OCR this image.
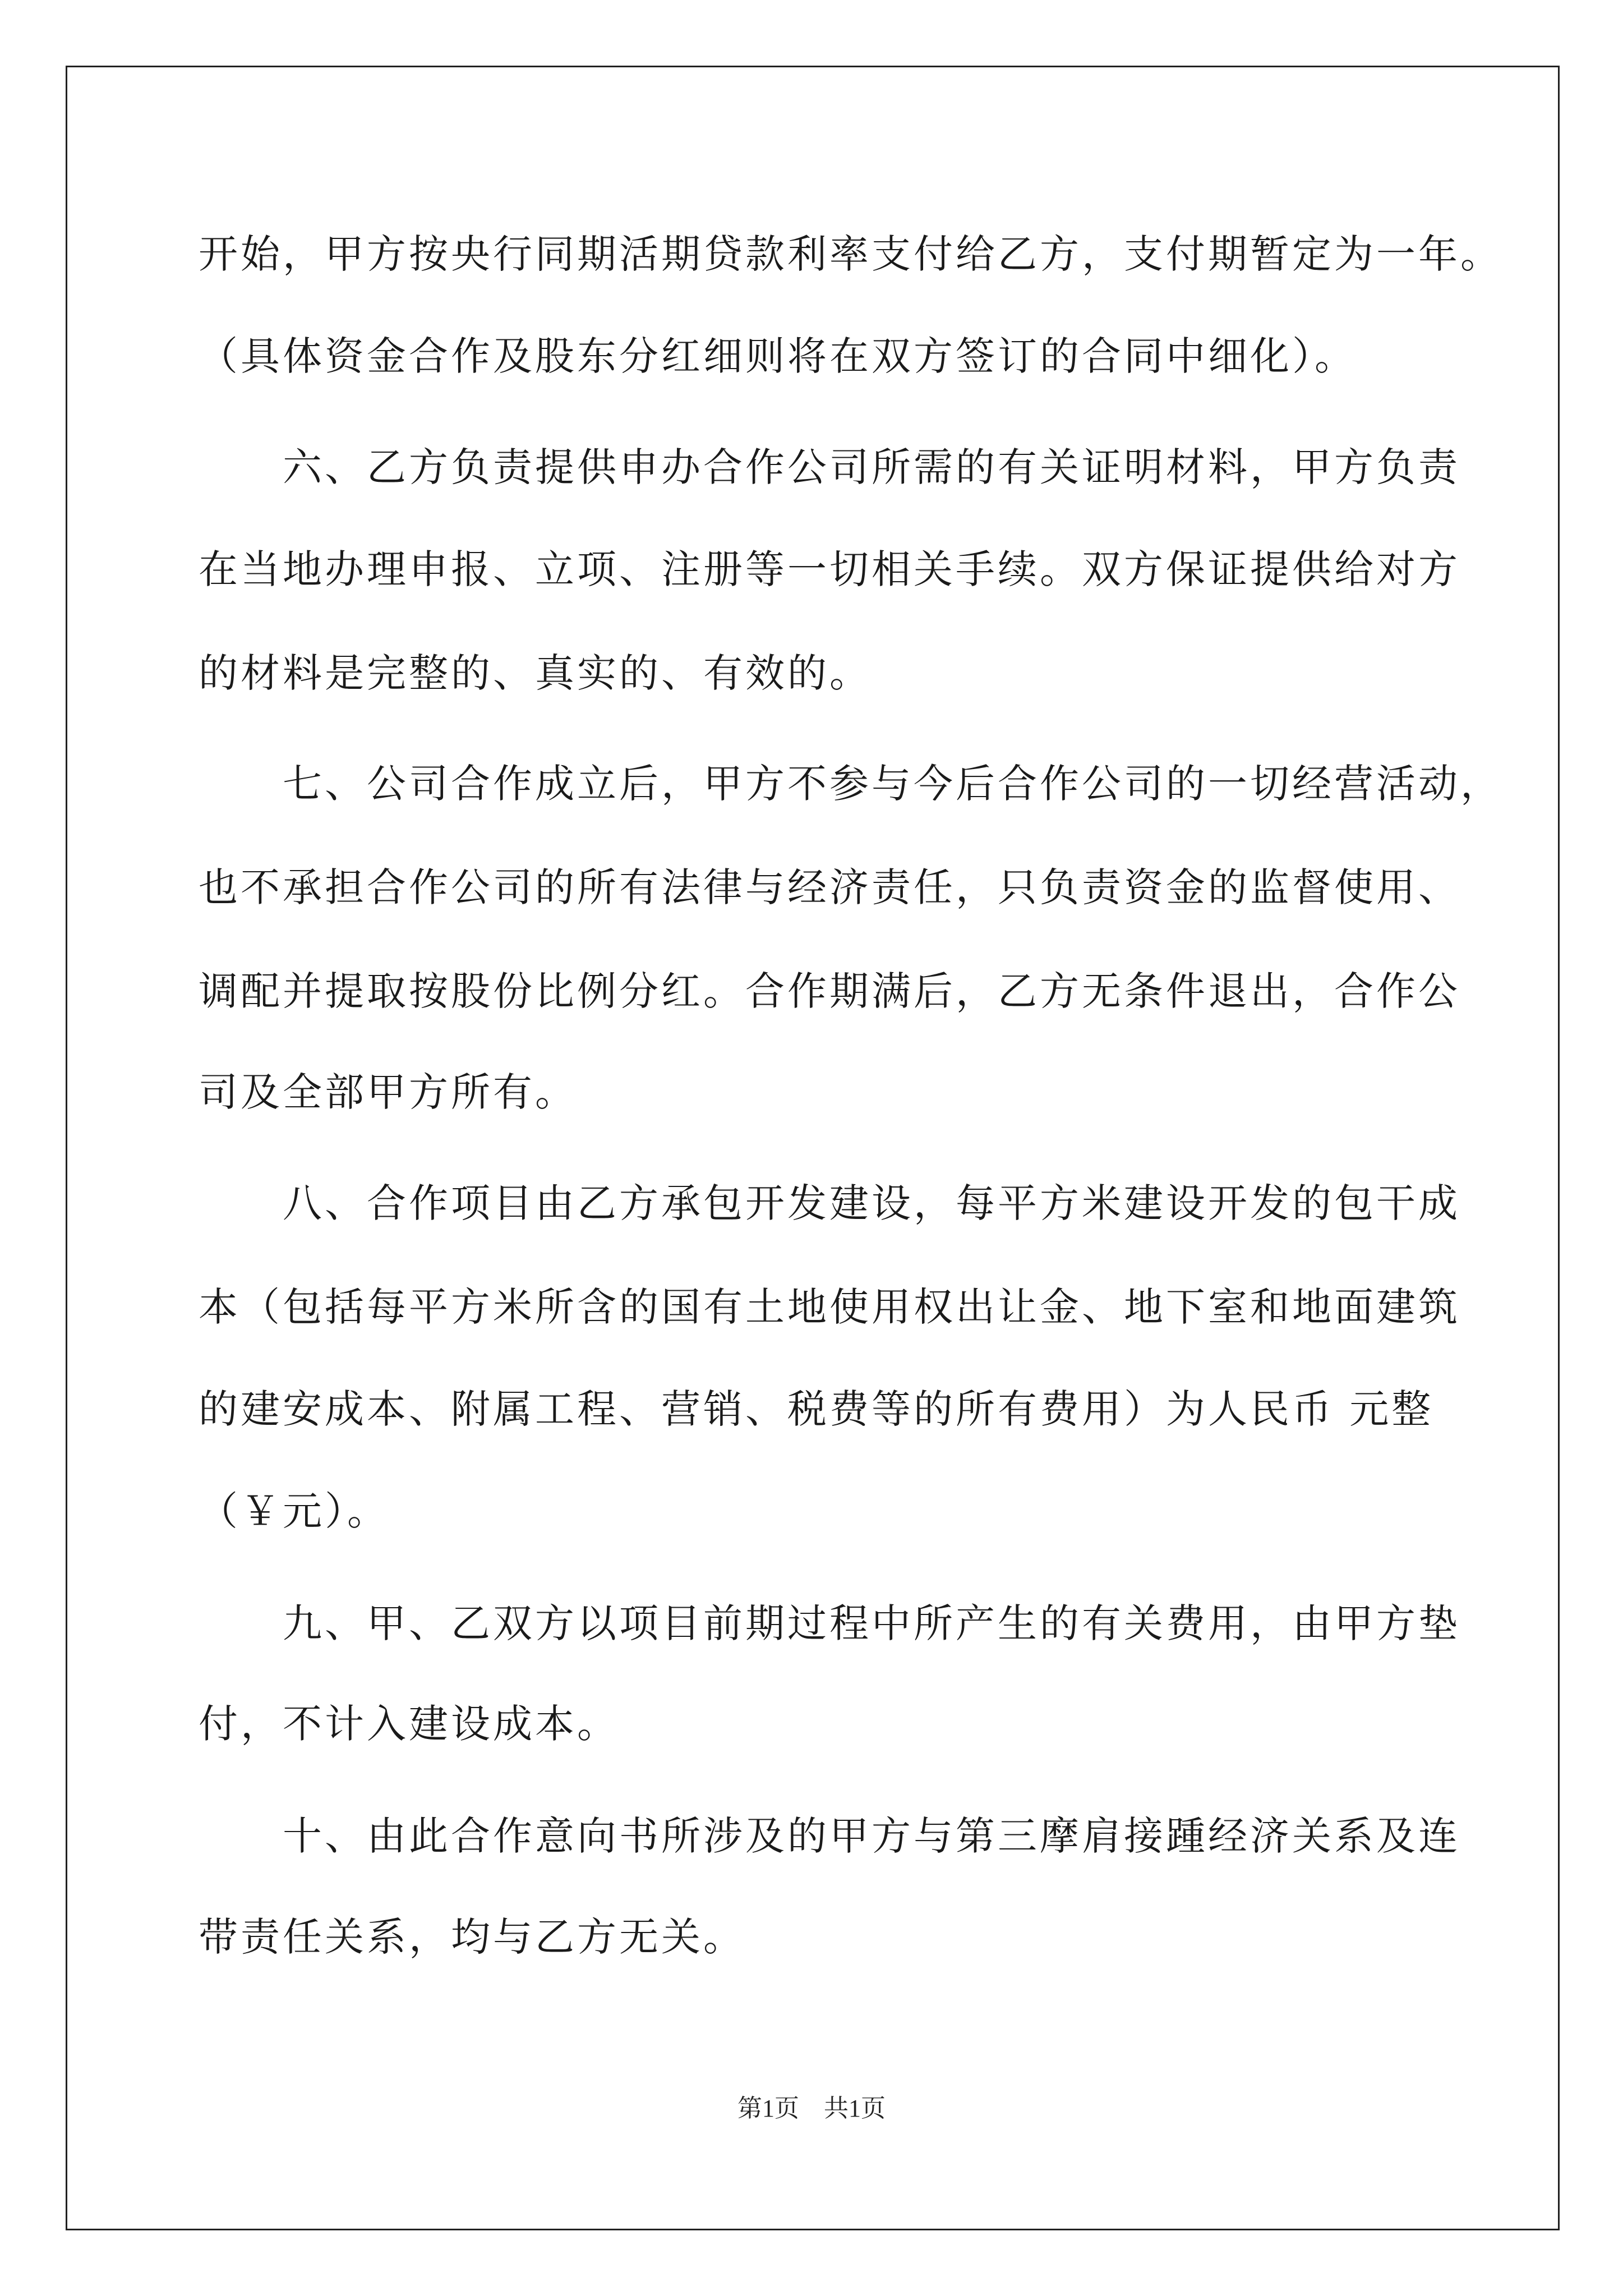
开始，甲方按央行同期活期贷款利率支付给乙方，支付期暂定为一年。
（具体资金合作及股东分红细则将在双方签订的合同中细化）。
　　六、乙方负责提供申办合作公司所需的有关证明材料，甲方负责
在当地办理申报、立项、注册等一切相关手续。双方保证提供给对方
的材料是完整的、真实的、有效的。
　　七、公司合作成立后，甲方不参与今后合作公司的一切经营活动，
也不承担合作公司的所有法律与经济责任，只负责资金的监督使用、
调配并提取按股份比例分红。合作期满后，乙方无条件退出，合作公
司及全部甲方所有。
　　八、合作项目由乙方承包开发建设，每平方米建设开发的包干成
本（包括每平方米所含的国有土地使用权出让金、地下室和地面建筑
的建安成本、附属工程、营销、税费等的所有费用）为人民币 元整
（￥元）。
　　九、甲、乙双方以项目前期过程中所产生的有关费用，由甲方垫
付，不计入建设成本。
　　十、由此合作意向书所涉及的甲方与第三摩肩接踵经济关系及连
带责任关系，均与乙方无关。
第1页　共1页
